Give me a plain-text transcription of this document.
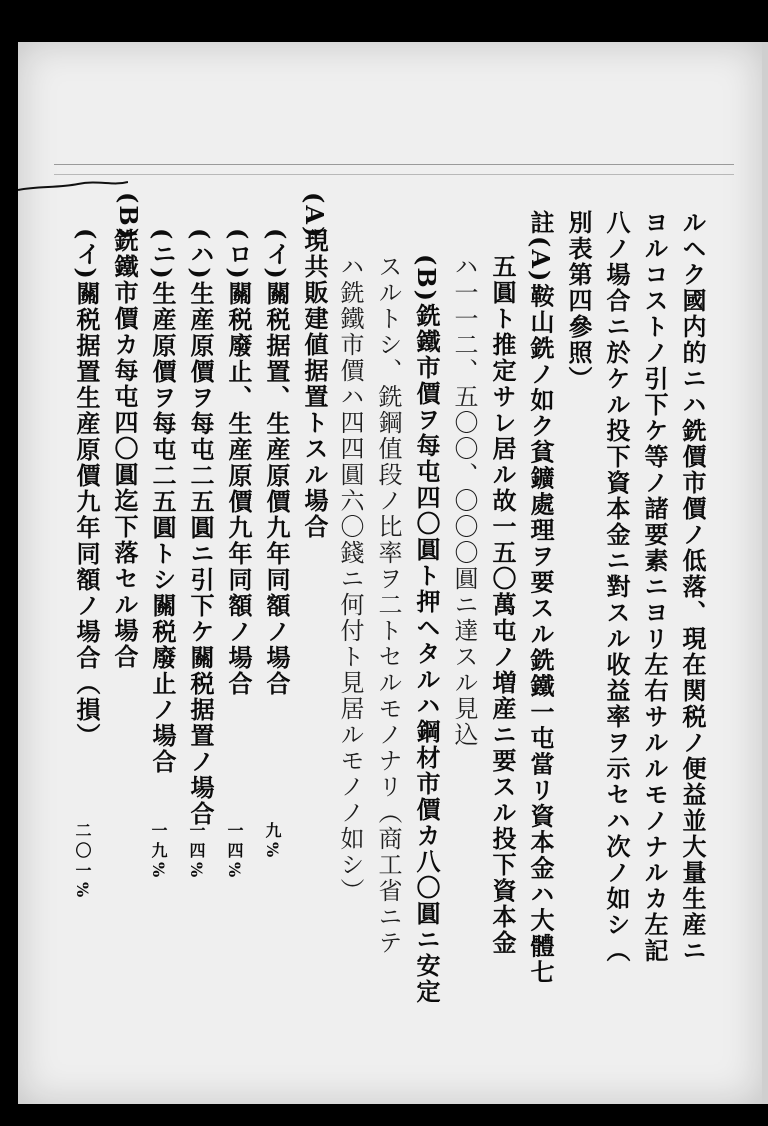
ルヘク國内的ニハ銑價市價ノ低落、現在関税ノ便益並大量生産ニ
ヨルコストノ引下ケ等ノ諸要素ニヨリ左右サルルモノナルカ左記
八ノ場合ニ於ケル投下資本金ニ對スル收益率ヲ示セハ次ノ如シ（
別表第四參照）
註(A)鞍山銑ノ如ク貧鑛處理ヲ要スル銑鐵一屯當リ資本金ハ大體七
五圓ト推定サレ居ル故一五〇萬屯ノ増産ニ要スル投下資本金
ハ一一二、五〇〇、〇〇〇圓ニ達スル見込
(B)銑鐵市價ヲ每屯四〇圓ト押ヘタルハ鋼材市價カ八〇圓ニ安定
スルトシ、銑鋼值段ノ比率ヲ二トセルモノナリ（商工省ニテ
ハ銑鐵市價ハ四四圓六〇錢ニ何付ト見居ルモノノ如シ）
(A)
現共販建値据置トスル場合
(イ)關税据置、生産原價九年同額ノ場合
(ロ)關税廢止、生産原價九年同額ノ場合
(ハ)生産原價ヲ每屯二五圓ニ引下ケ關税据置ノ場合
(ニ)生産原價ヲ每屯二五圓トシ關税廢止ノ場合
(B)
銑鐵市價カ每屯四〇圓迄下落セル場合
(イ)關税据置生産原價九年同額ノ場合（損）
九%
一四%
一四%
一九%
二〇一%
